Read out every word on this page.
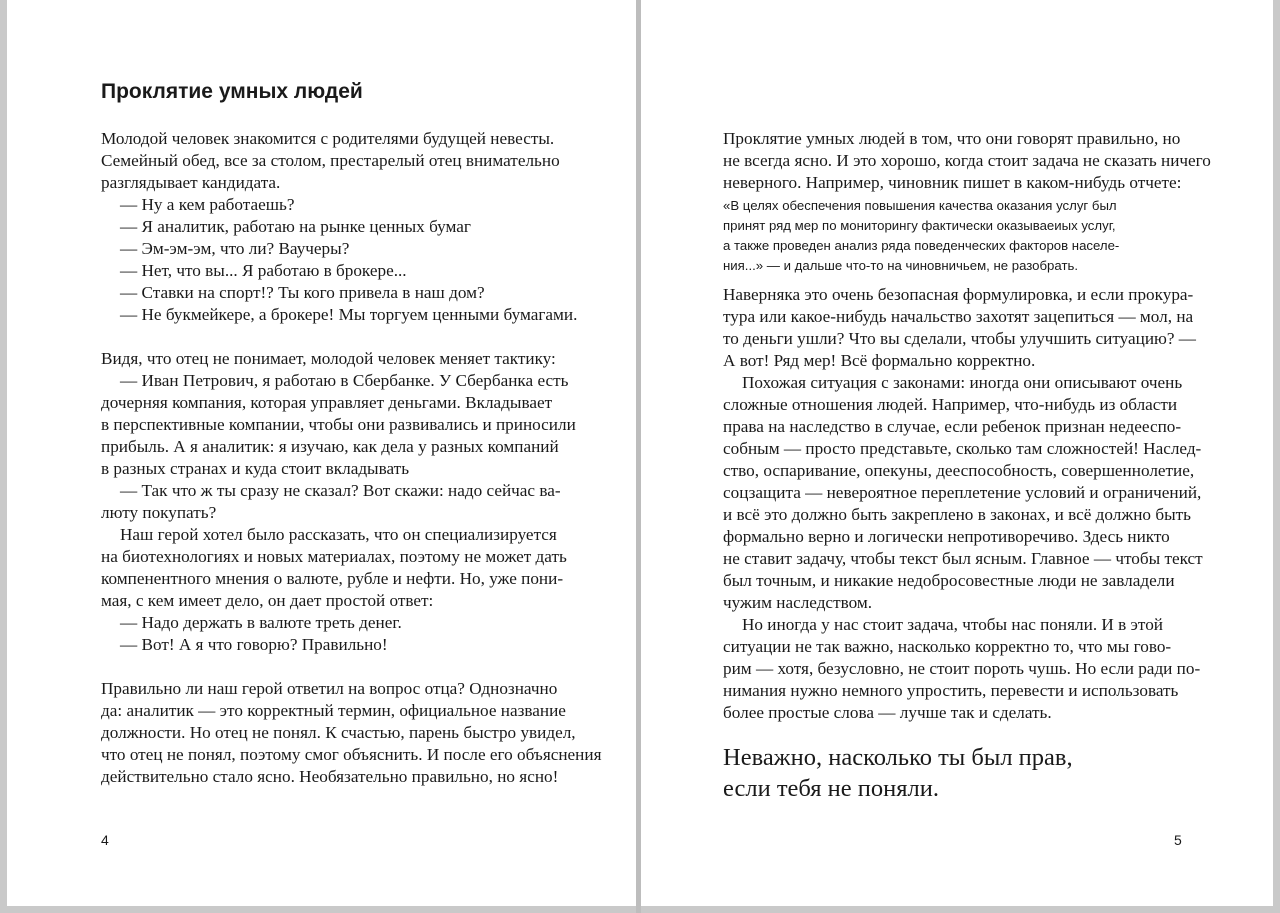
Проклятие умных людей
Молодой человек знакомится с родителями будущей невесты.
Семейный обед, все за столом, престарелый отец внимательно
разглядывает кандидата.
— Ну а кем работаешь?
— Я аналитик, работаю на рынке ценных бумаг
— Эм-эм-эм, что ли? Ваучеры?
— Нет, что вы... Я работаю в брокере...
— Ставки на спорт!? Ты кого привела в наш дом?
— Не букмейкере, а брокере! Мы торгуем ценными бумагами.
Видя, что отец не понимает, молодой человек меняет тактику:
— Иван Петрович, я работаю в Сбербанке. У Сбербанка есть
дочерняя компания, которая управляет деньгами. Вкладывает
в перспективные компании, чтобы они развивались и приносили
прибыль. А я аналитик: я изучаю, как дела у разных компаний
в разных странах и куда стоит вкладывать
— Так что ж ты сразу не сказал? Вот скажи: надо сейчас ва-
люту покупать?
Наш герой хотел было рассказать, что он специализируется
на биотехнологиях и новых материалах, поэтому не может дать
компенентного мнения о валюте, рубле и нефти. Но, уже пони-
мая, с кем имеет дело, он дает простой ответ:
— Надо держать в валюте треть денег.
— Вот! А я что говорю? Правильно!
Правильно ли наш герой ответил на вопрос отца? Однозначно
да: аналитик — это корректный термин, официальное название
должности. Но отец не понял. К счастью, парень быстро увидел,
что отец не понял, поэтому смог объяснить. И после его объяснения
действительно стало ясно. Необязательно правильно, но ясно!
4
Проклятие умных людей в том, что они говорят правильно, но
не всегда ясно. И это хорошо, когда стоит задача не сказать ничего
неверного. Например, чиновник пишет в каком-нибудь отчете:
«В целях обеспечения повышения качества оказания услуг был
принят ряд мер по мониторингу фактически оказываеиых услуг,
а также проведен анализ ряда поведенческих факторов населе-
ния...» — и дальше что-то на чиновничьем, не разобрать.
Наверняка это очень безопасная формулировка, и если прокура-
тура или какое-нибудь начальство захотят зацепиться — мол, на
то деньги ушли? Что вы сделали, чтобы улучшить ситуацию? —
А вот! Ряд мер! Всё формально корректно.
Похожая ситуация с законами: иногда они описывают очень
сложные отношения людей. Например, что-нибудь из области
права на наследство в случае, если ребенок признан недееспо-
собным — просто представьте, сколько там сложностей! Наслед-
ство, оспаривание, опекуны, дееспособность, совершеннолетие,
соцзащита — невероятное переплетение условий и ограничений,
и всё это должно быть закреплено в законах, и всё должно быть
формально верно и логически непротиворечиво. Здесь никто
не ставит задачу, чтобы текст был ясным. Главное — чтобы текст
был точным, и никакие недобросовестные люди не завладели
чужим наследством.
Но иногда у нас стоит задача, чтобы нас поняли. И в этой
ситуации не так важно, насколько корректно то, что мы гово-
рим — хотя, безусловно, не стоит пороть чушь. Но если ради по-
нимания нужно немного упростить, перевести и использовать
более простые слова — лучше так и сделать.
Неважно, насколько ты был прав,
если тебя не поняли.
5
